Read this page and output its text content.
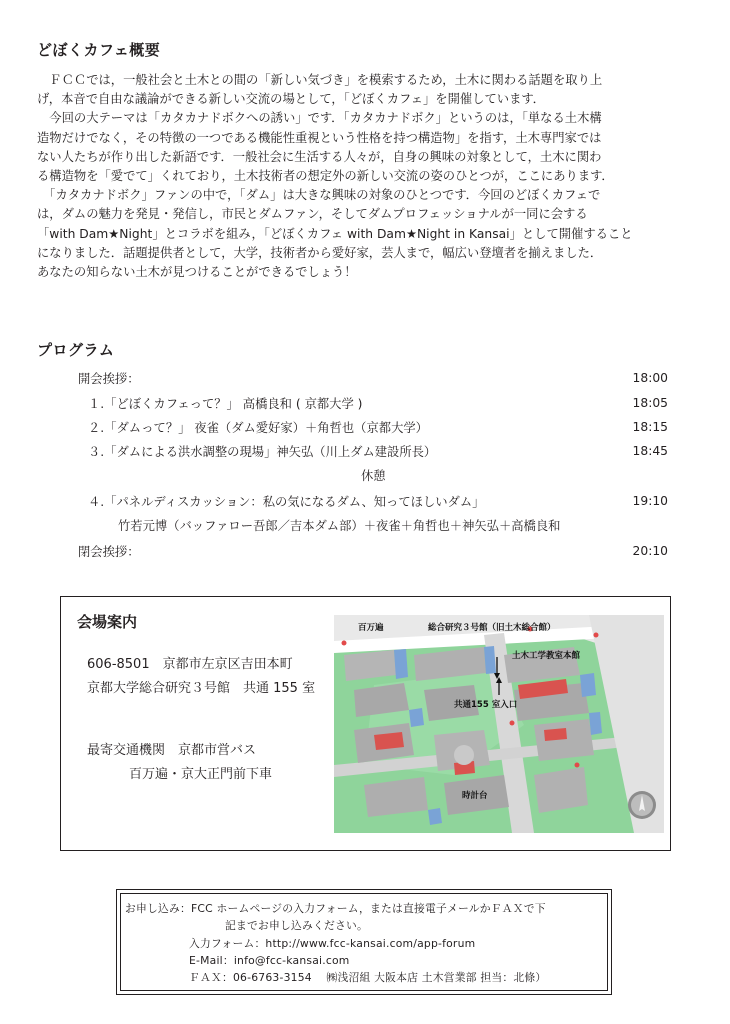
どぼくカフェ概要
　ＦＣＣでは，一般社会と土木との間の「新しい気づき」を模索するため，土木に関わる話題を取り上
げ，本音で自由な議論ができる新しい交流の場として，「どぼくカフェ」を開催しています．
　今回の大テーマは「カタカナドボクへの誘い」です．「カタカナドボク」というのは，「単なる土木構
造物だけでなく，その特徴の一つである機能性重視という性格を持つ構造物」を指す，土木専門家では
ない人たちが作り出した新語です．一般社会に生活する人々が，自身の興味の対象として，土木に関わ
る構造物を「愛でて」くれており，土木技術者の想定外の新しい交流の姿のひとつが，ここにあります．
　「カタカナドボク」ファンの中で，「ダム」は大きな興味の対象のひとつです．今回のどぼくカフェで
は，ダムの魅力を発見・発信し，市民とダムファン，そしてダムプロフェッショナルが一同に会する
「with Dam★Night」とコラボを組み，「どぼくカフェ with Dam★Night in Kansai」として開催すること
になりました．話題提供者として，大学，技術者から愛好家，芸人まで，幅広い登壇者を揃えました．
あなたの知らない土木が見つけることができるでしょう！
プログラム
開会挨拶：	18:00
１.「どぼくカフェって？」 高橋良和 ( 京都大学 )	18:05
２.「ダムって？」 夜雀（ダム愛好家）＋角哲也（京都大学）	18:15
３.「ダムによる洪水調整の現場」神矢弘（川上ダム建設所長）	18:45
休憩
４.「パネルディスカッション：私の気になるダム、知ってほしいダム」	19:10
竹若元博（バッファロー吾郎／吉本ダム部）＋夜雀＋角哲也＋神矢弘＋高橋良和
閉会挨拶：	20:10
会場案内
606-8501　京都市左京区吉田本町
京都大学総合研究３号館　共通 155 室
最寄交通機関　京都市営バス
百万遍・京大正門前下車
百万遍	総合研究３号館（旧土木総合館）
土木工学教室本館
共通155 室入口
時計台
お申し込み：FCC ホームページの入力フォーム，または直接電子メールかＦＡＸで下
記までお申し込みください。
入力フォーム：http://www.fcc-kansai.com/app-forum
E-Mail：info@fcc-kansai.com
ＦＡＸ：06-6763-3154　 ㈱浅沼組 大阪本店 土木営業部 担当：北條）
